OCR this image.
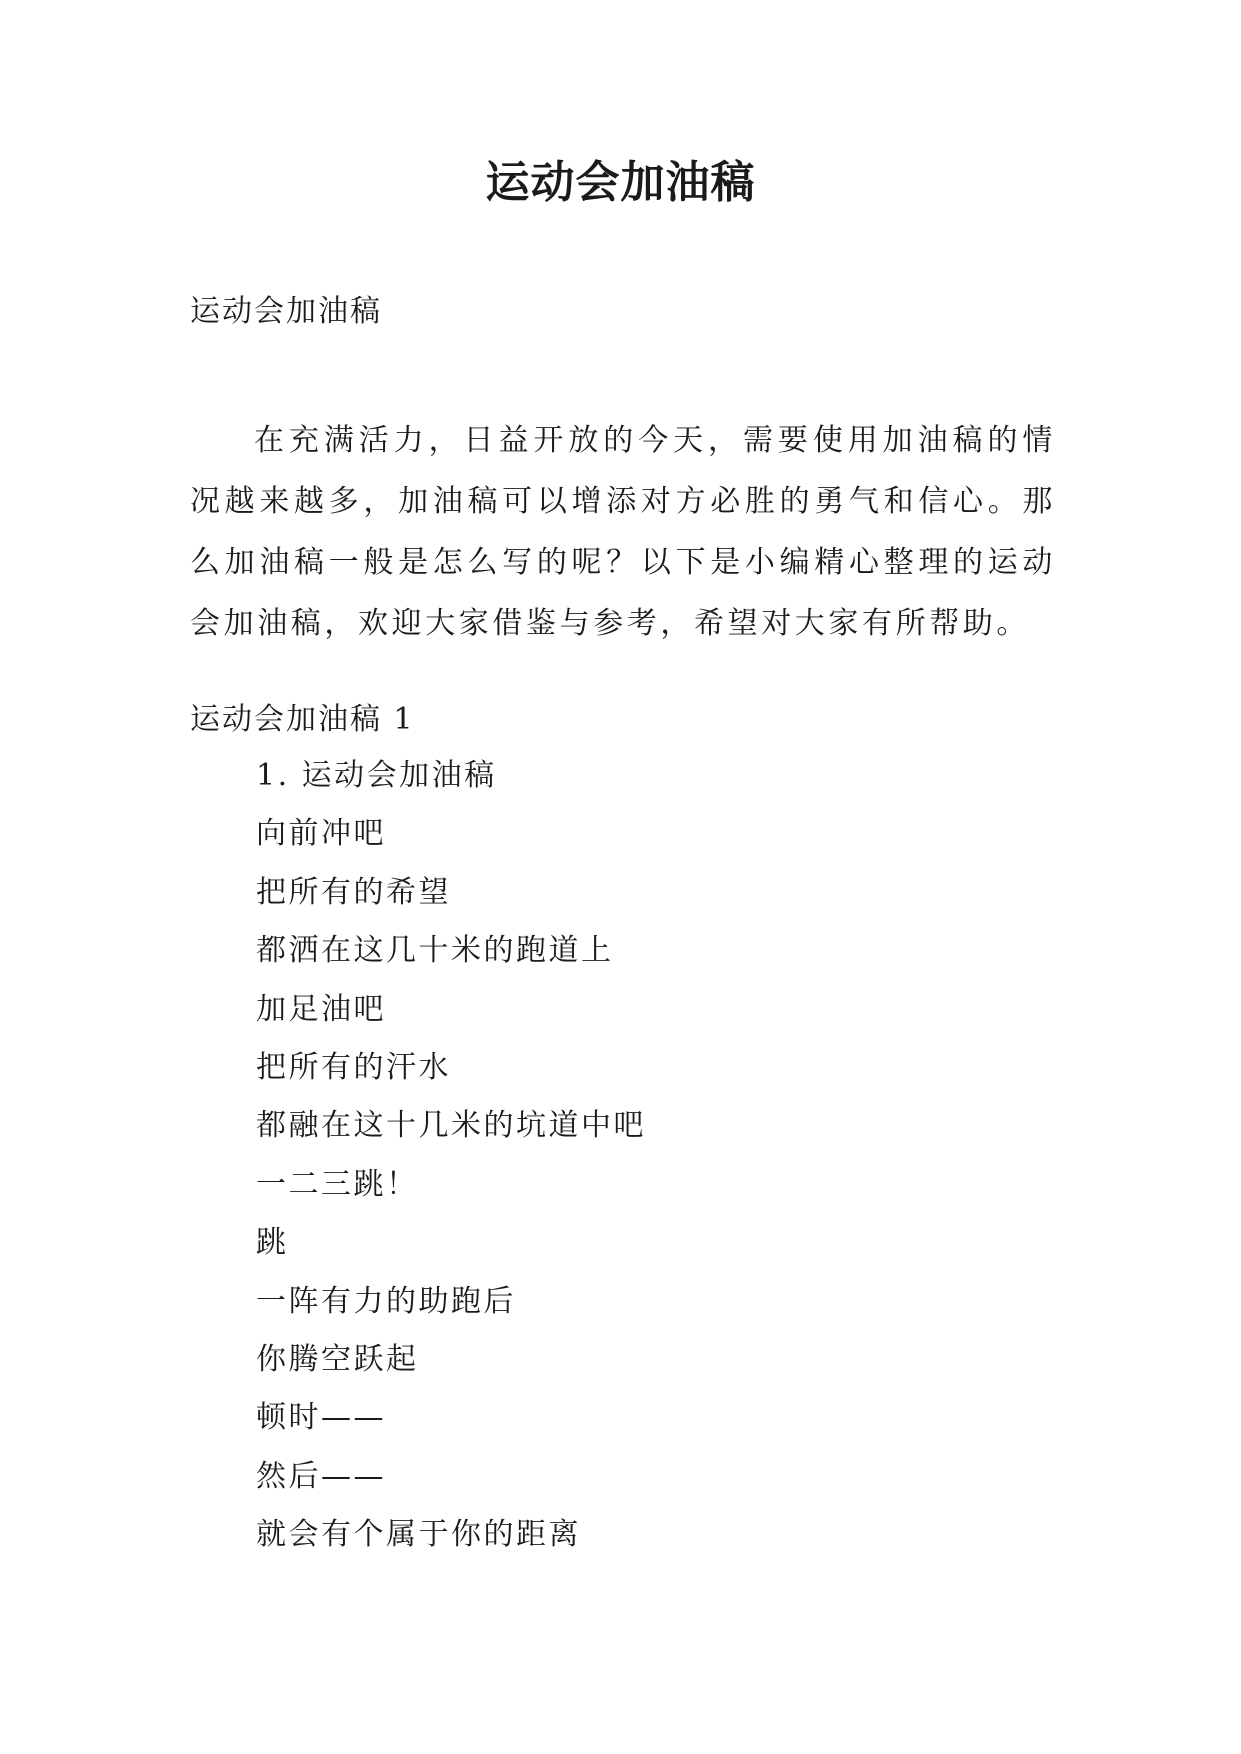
运动会加油稿

运动会加油稿

在充满活力，日益开放的今天，需要使用加油稿的情况越来越多，加油稿可以增添对方必胜的勇气和信心。那么加油稿一般是怎么写的呢？以下是小编精心整理的运动会加油稿，欢迎大家借鉴与参考，希望对大家有所帮助。

运动会加油稿 1

1. 运动会加油稿
向前冲吧
把所有的希望
都洒在这几十米的跑道上
加足油吧
把所有的汗水
都融在这十几米的坑道中吧
一二三跳！
跳
一阵有力的助跑后
你腾空跃起
顿时——
然后——
就会有个属于你的距离
